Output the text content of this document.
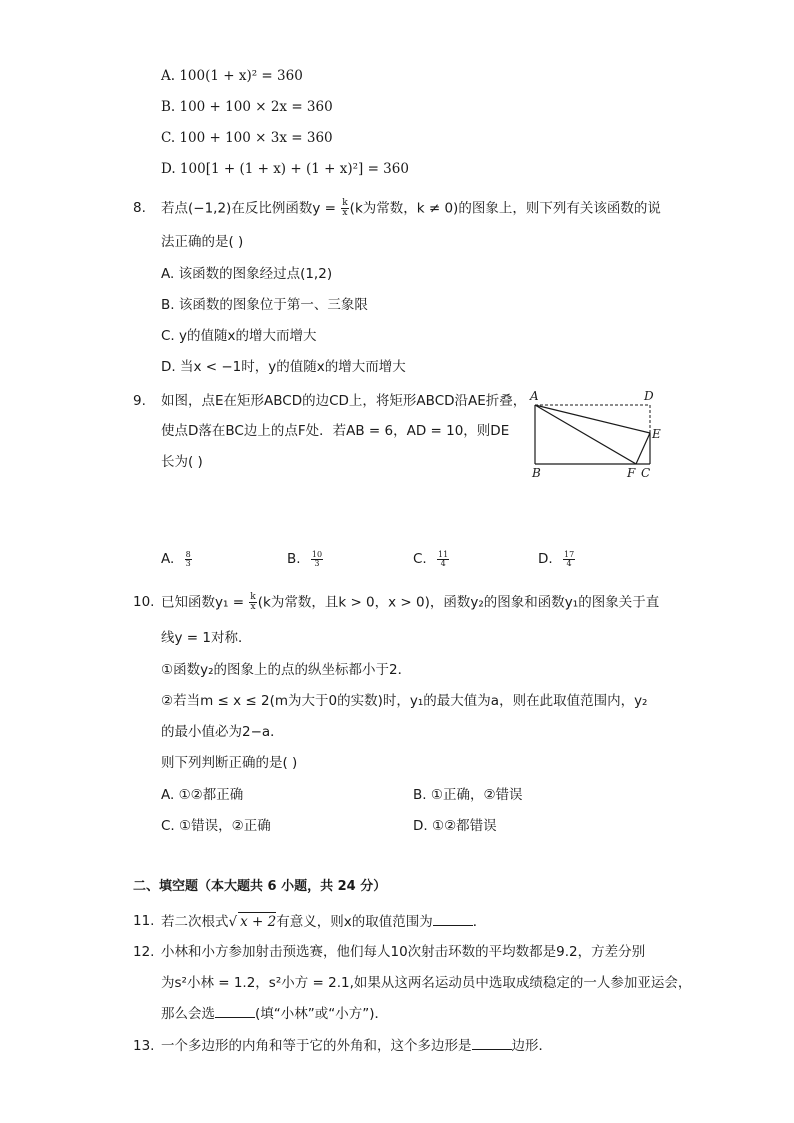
A. 100(1 + x)² = 360
B. 100 + 100 × 2x = 360
C. 100 + 100 × 3x = 360
D. 100[1 + (1 + x) + (1 + x)²] = 360
8. 若点(−1,2)在反比例函数$y = \frac{k}{x} (k$为常数，k ≠ 0)的图象上，则下列有关该函数的说
法正确的是( )
A. 该函数的图象经过点(1,2)
B. 该函数的图象位于第一、三象限
C. y的值随x的增大而增大
D. 当x < −1时，y的值随x的增大而增大
9. 如图，点E在矩形ABCD的边CD上，将矩形ABCD沿AE折叠，
使点D落在BC边上的点F处．若AB = 6，AD = 10，则DE
长为( )
A	D
E
B	F C
A. $\frac{8}{3}$	B. $\frac{10}{3}$	C. $\frac{11}{4}$	D. $\frac{17}{4}$
10. 已知函数$y_1 = \frac{k}{x} (k$为常数，且k > 0，x > 0)，函数y₂的图象和函数y₁的图象关于直
线y = 1对称．
①函数y₂的图象上的点的纵坐标都小于2．
②若当m ≤ x ≤ 2(m为大于0的实数)时，y₁的最大值为a，则在此取值范围内，y₂
的最小值必为2−a．
则下列判断正确的是( )
A. ①②都正确	B. ①正确，②错误
C. ①错误，②正确	D. ①②都错误
二、填空题（本大题共 6 小题，共 24 分）
11. 若二次根式√ x + 2有意义，则x的取值范围为	．
12. 小林和小方参加射击预选赛，他们每人10次射击环数的平均数都是9.2，方差分别
为s²小林 = 1.2，s²小方 = 2.1,如果从这两名运动员中选取成绩稳定的一人参加亚运会，
那么会选	(填“小林”或“小方”)．
13. 一个多边形的内角和等于它的外角和，这个多边形是	边形．
